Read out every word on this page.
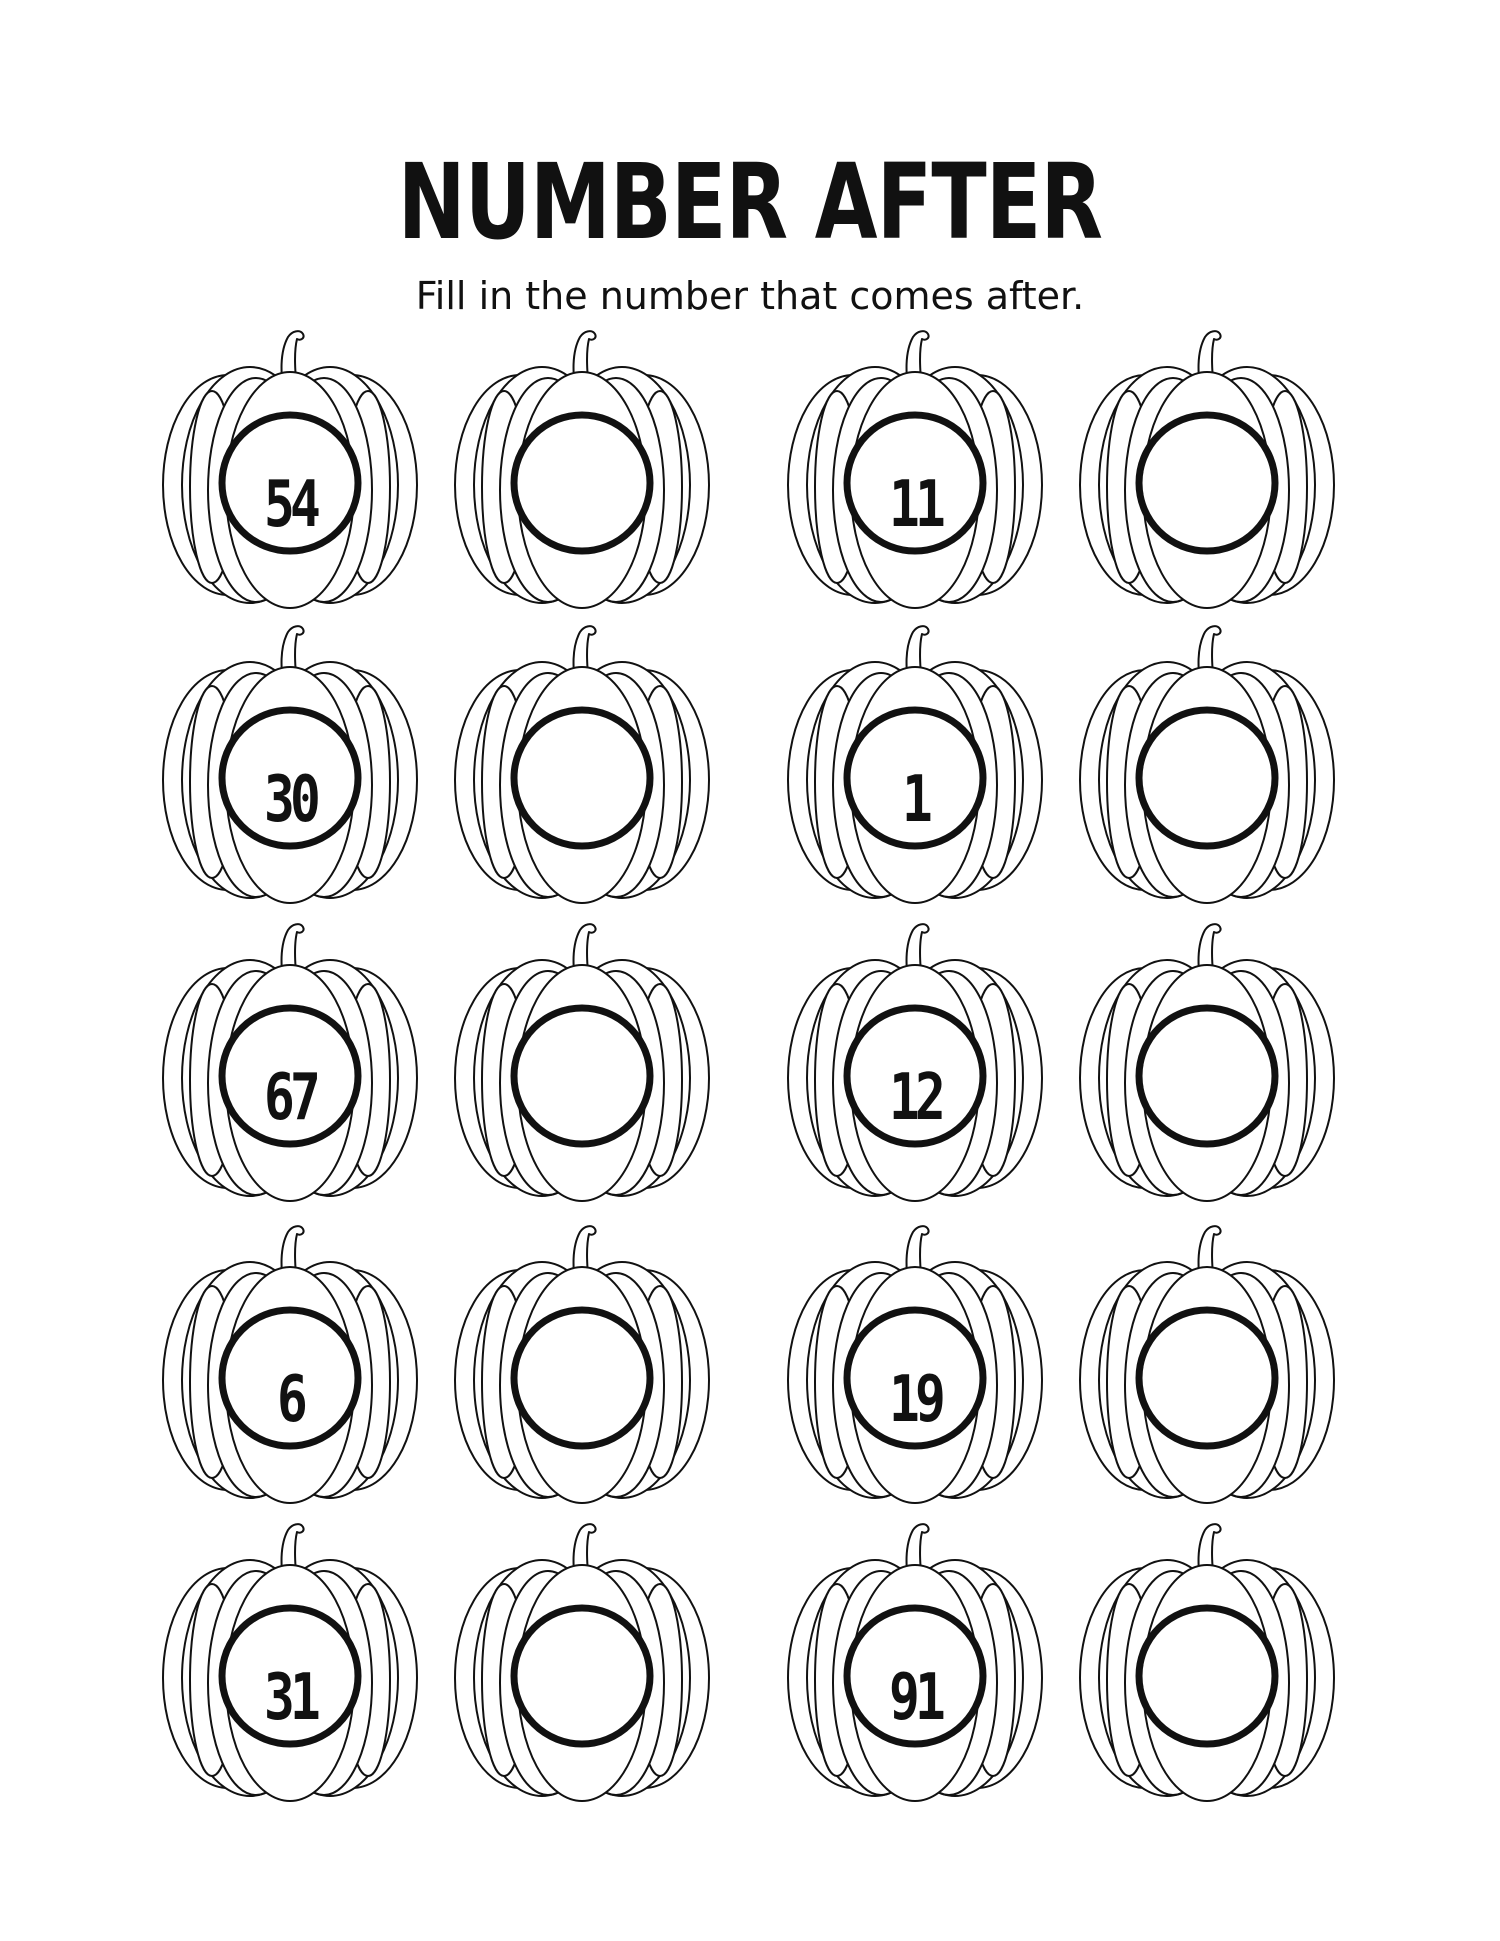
NUMBER AFTER
Fill in the number that comes after.
54	11
30	1
67	12
6	19
31	91
